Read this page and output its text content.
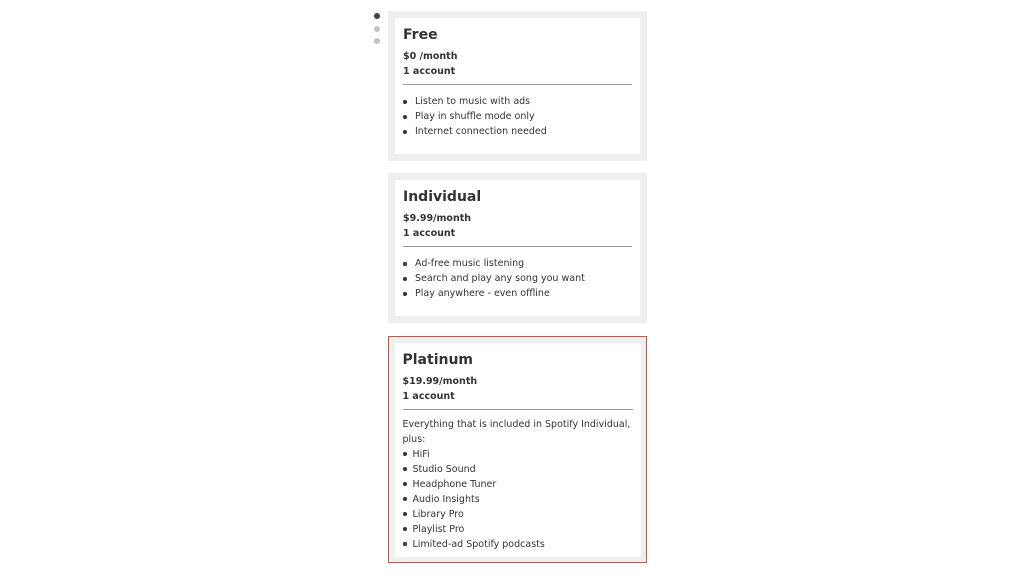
Free
$0 /month
1 account
Listen to music with ads
Play in shuffle mode only
Internet connection needed
Individual
$9.99/month
1 account
Ad-free music listening
Search and play any song you want
Play anywhere - even offline
Platinum
$19.99/month
1 account
Everything that is included in Spotify Individual, plus:
HiFi
Studio Sound
Headphone Tuner
Audio Insights
Library Pro
Playlist Pro
Limited-ad Spotify podcasts
